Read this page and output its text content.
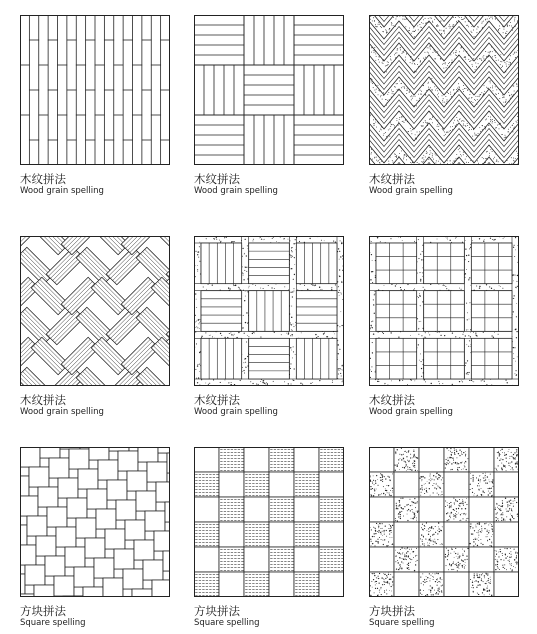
木纹拼法
Wood grain spelling
木纹拼法
Wood grain spelling
木纹拼法
Wood grain spelling
木纹拼法
Wood grain spelling
木纹拼法
Wood grain spelling
木纹拼法
Wood grain spelling
方块拼法
Square spelling
方块拼法
Square spelling
方块拼法
Square spelling
